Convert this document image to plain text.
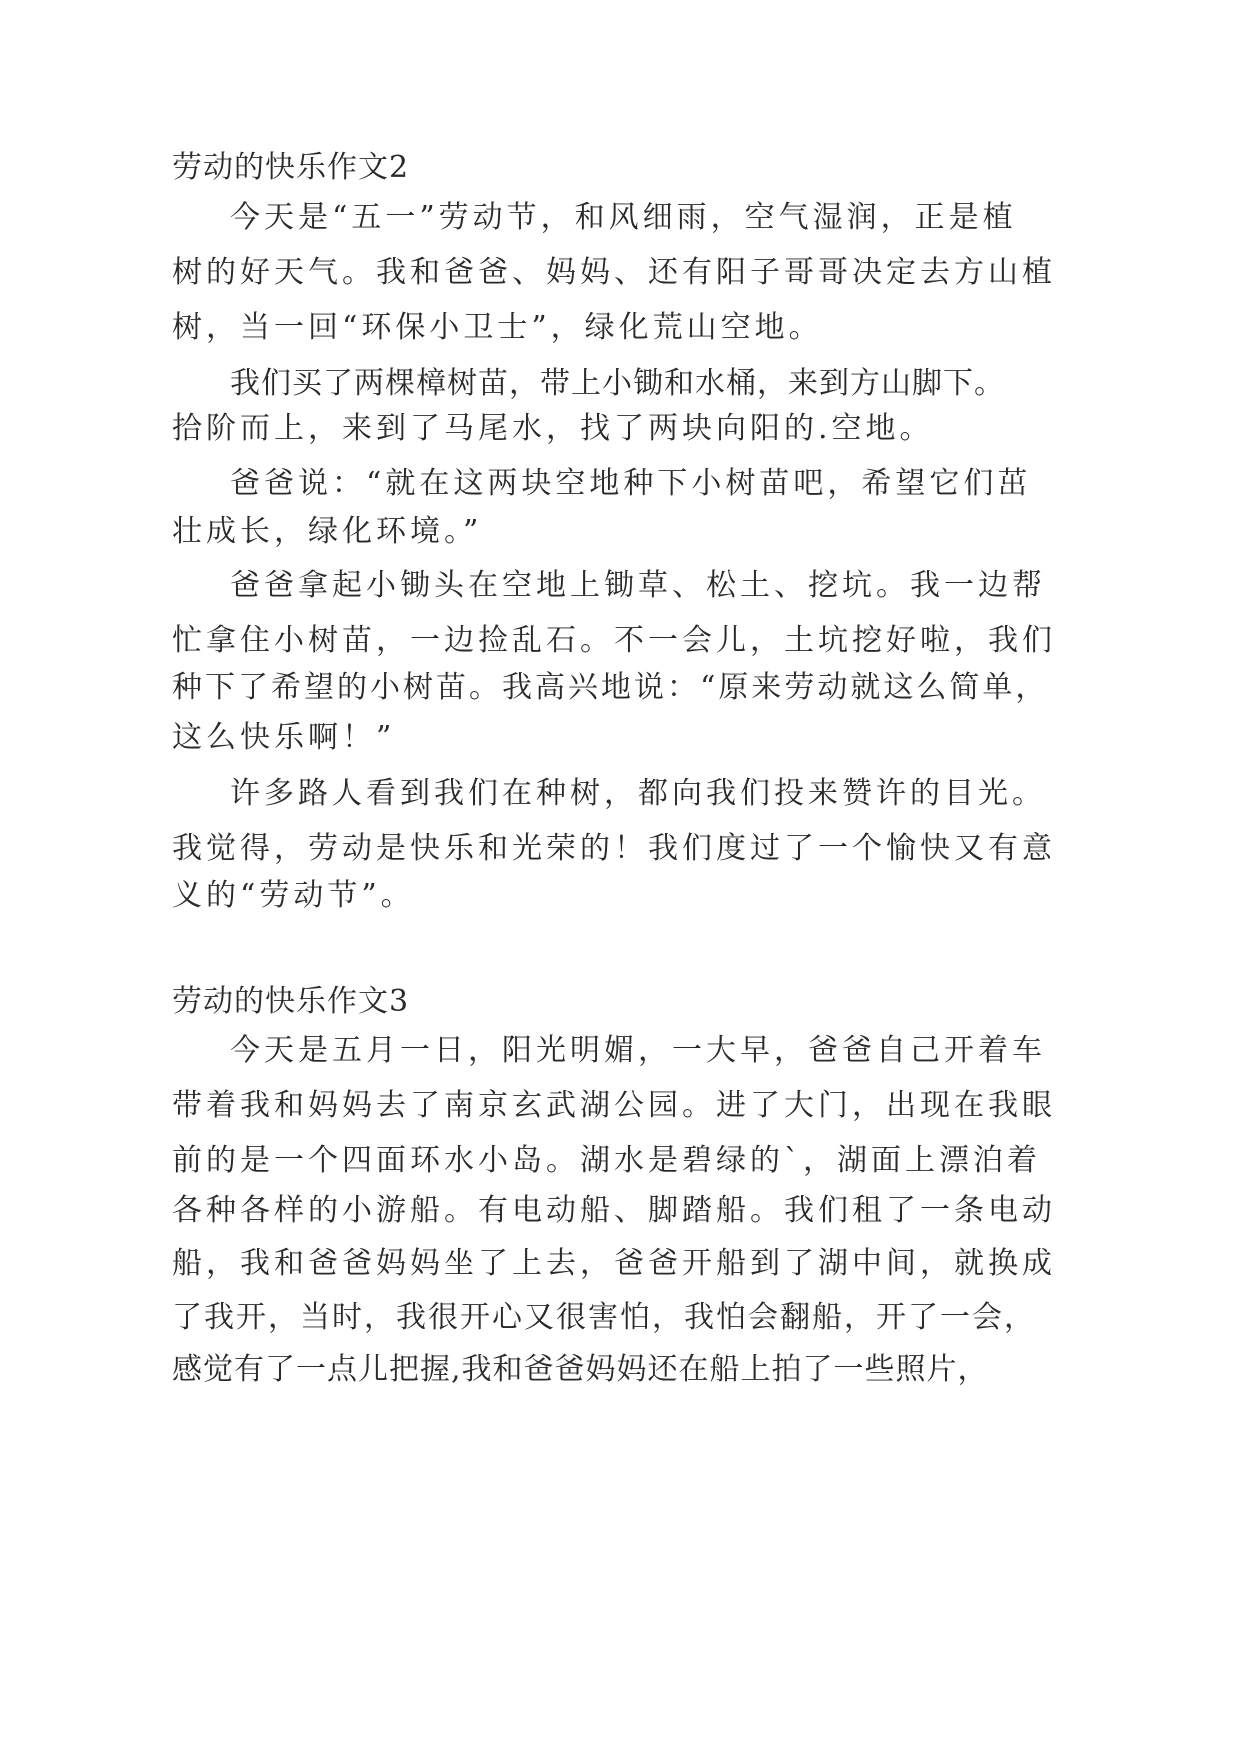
劳动的快乐作文2
今天是“五一”劳动节，和风细雨，空气湿润，正是植
树的好天气。我和爸爸、妈妈、还有阳子哥哥决定去方山植
树，当一回“环保小卫士”，绿化荒山空地。
我们买了两棵樟树苗，带上小锄和水桶，来到方山脚下。
拾阶而上，来到了马尾水，找了两块向阳的.空地。
爸爸说：“就在这两块空地种下小树苗吧，希望它们茁
壮成长，绿化环境。”
爸爸拿起小锄头在空地上锄草、松土、挖坑。我一边帮
忙拿住小树苗，一边捡乱石。不一会儿，土坑挖好啦，我们
种下了希望的小树苗。我高兴地说：“原来劳动就这么简单，
这么快乐啊！”
许多路人看到我们在种树，都向我们投来赞许的目光。
我觉得，劳动是快乐和光荣的！我们度过了一个愉快又有意
义的“劳动节”。
劳动的快乐作文3
今天是五月一日，阳光明媚，一大早，爸爸自己开着车
带着我和妈妈去了南京玄武湖公园。进了大门，出现在我眼
前的是一个四面环水小岛。湖水是碧绿的`，湖面上漂泊着
各种各样的小游船。有电动船、脚踏船。我们租了一条电动
船，我和爸爸妈妈坐了上去，爸爸开船到了湖中间，就换成
了我开，当时，我很开心又很害怕，我怕会翻船，开了一会，
感觉有了一点儿把握,我和爸爸妈妈还在船上拍了一些照片，
